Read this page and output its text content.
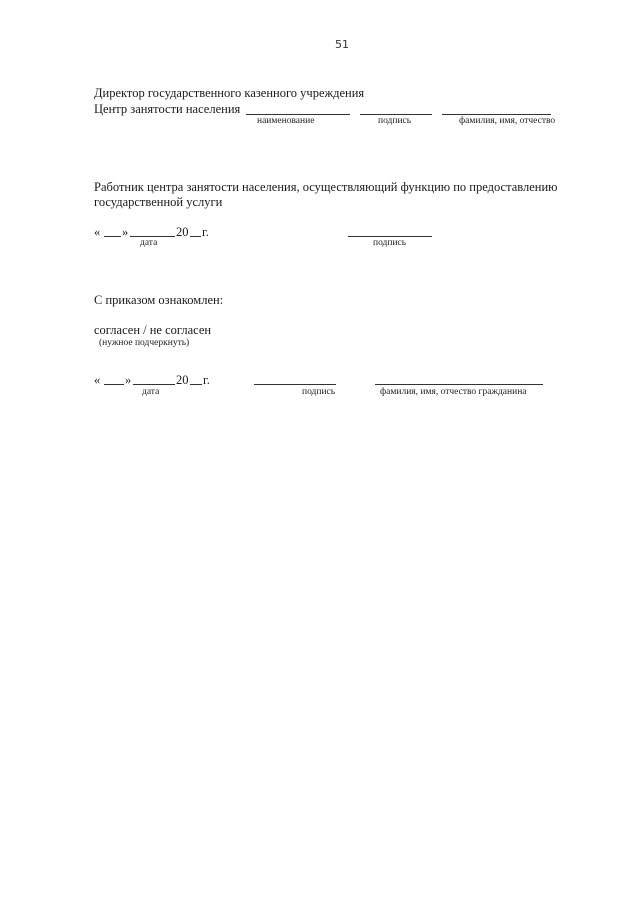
51
Директор государственного казенного учреждения
Центр занятости населения
наименование	подпись	фамилия, имя, отчество
Работник центра занятости населения, осуществляющий функцию по предоставлению
государственной услуги
« »	20 г.
дата	подпись
С приказом ознакомлен:
согласен / не согласен
(нужное подчеркнуть)
« »	20 г.
дата	подпись	фамилия, имя, отчество гражданина
